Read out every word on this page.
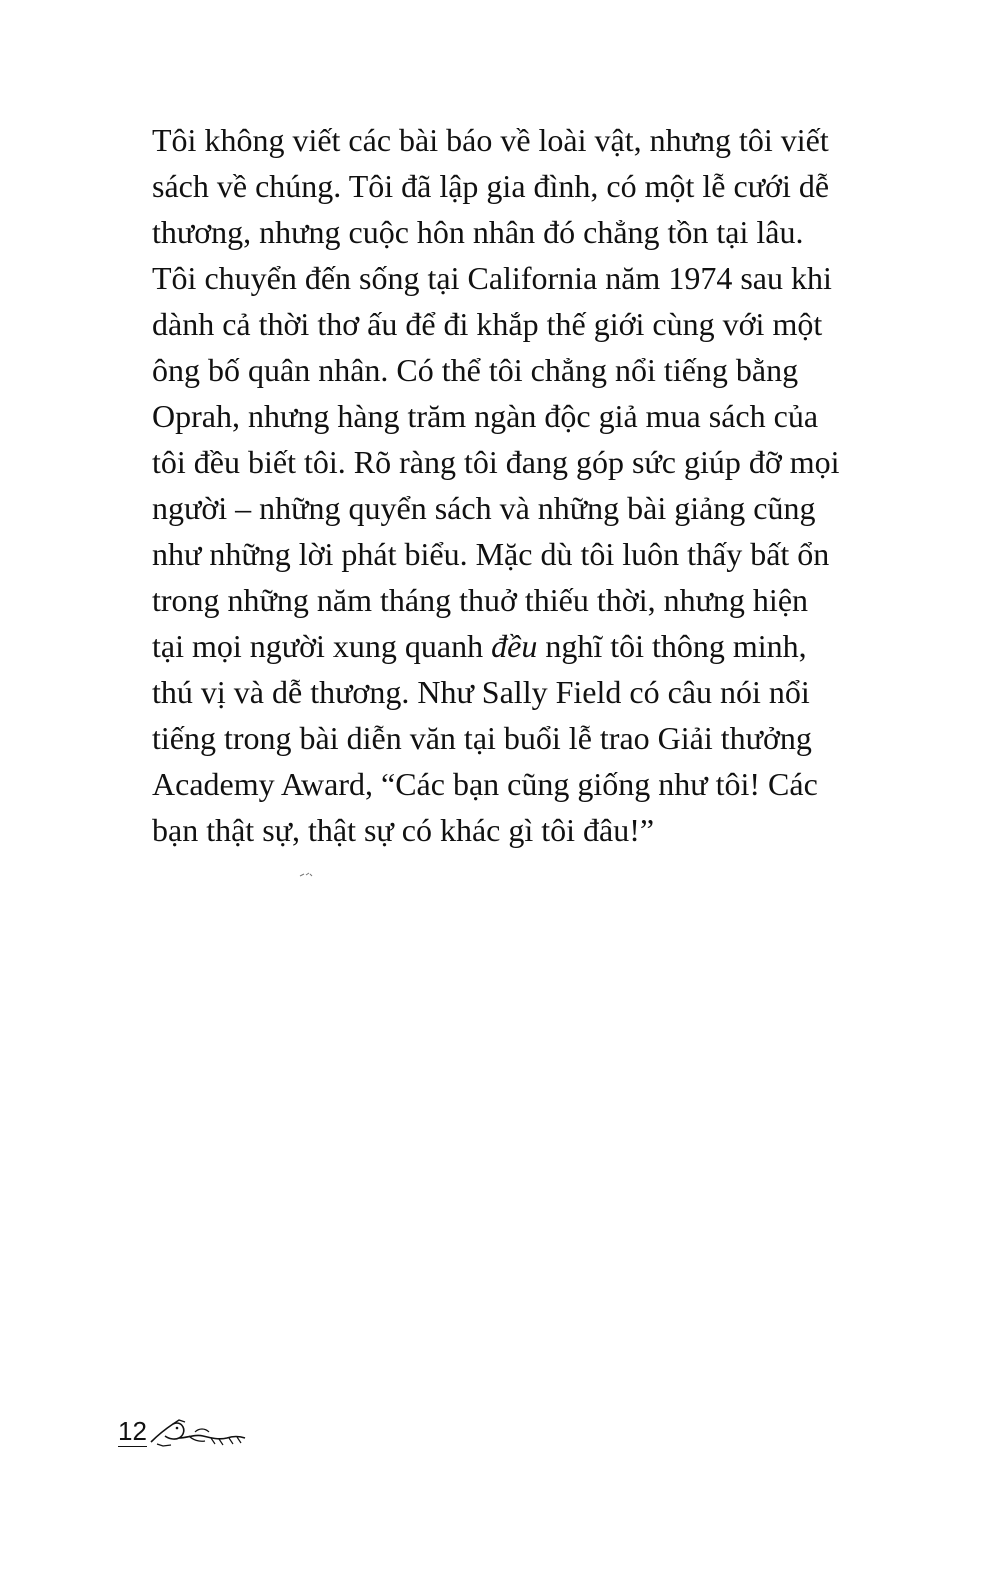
Tôi không viết các bài báo về loài vật, nhưng tôi viết
sách về chúng. Tôi đã lập gia đình, có một lễ cưới dễ
thương, nhưng cuộc hôn nhân đó chẳng tồn tại lâu.
Tôi chuyển đến sống tại California năm 1974 sau khi
dành cả thời thơ ấu để đi khắp thế giới cùng với một
ông bố quân nhân. Có thể tôi chẳng nổi tiếng bằng
Oprah, nhưng hàng trăm ngàn độc giả mua sách của
tôi đều biết tôi. Rõ ràng tôi đang góp sức giúp đỡ mọi
người – những quyển sách và những bài giảng cũng
như những lời phát biểu. Mặc dù tôi luôn thấy bất ổn
trong những năm tháng thuở thiếu thời, nhưng hiện
tại mọi người xung quanh đều nghĩ tôi thông minh,
thú vị và dễ thương. Như Sally Field có câu nói nổi
tiếng trong bài diễn văn tại buổi lễ trao Giải thưởng
Academy Award, “Các bạn cũng giống như tôi! Các
bạn thật sự, thật sự có khác gì tôi đâu!”
12
